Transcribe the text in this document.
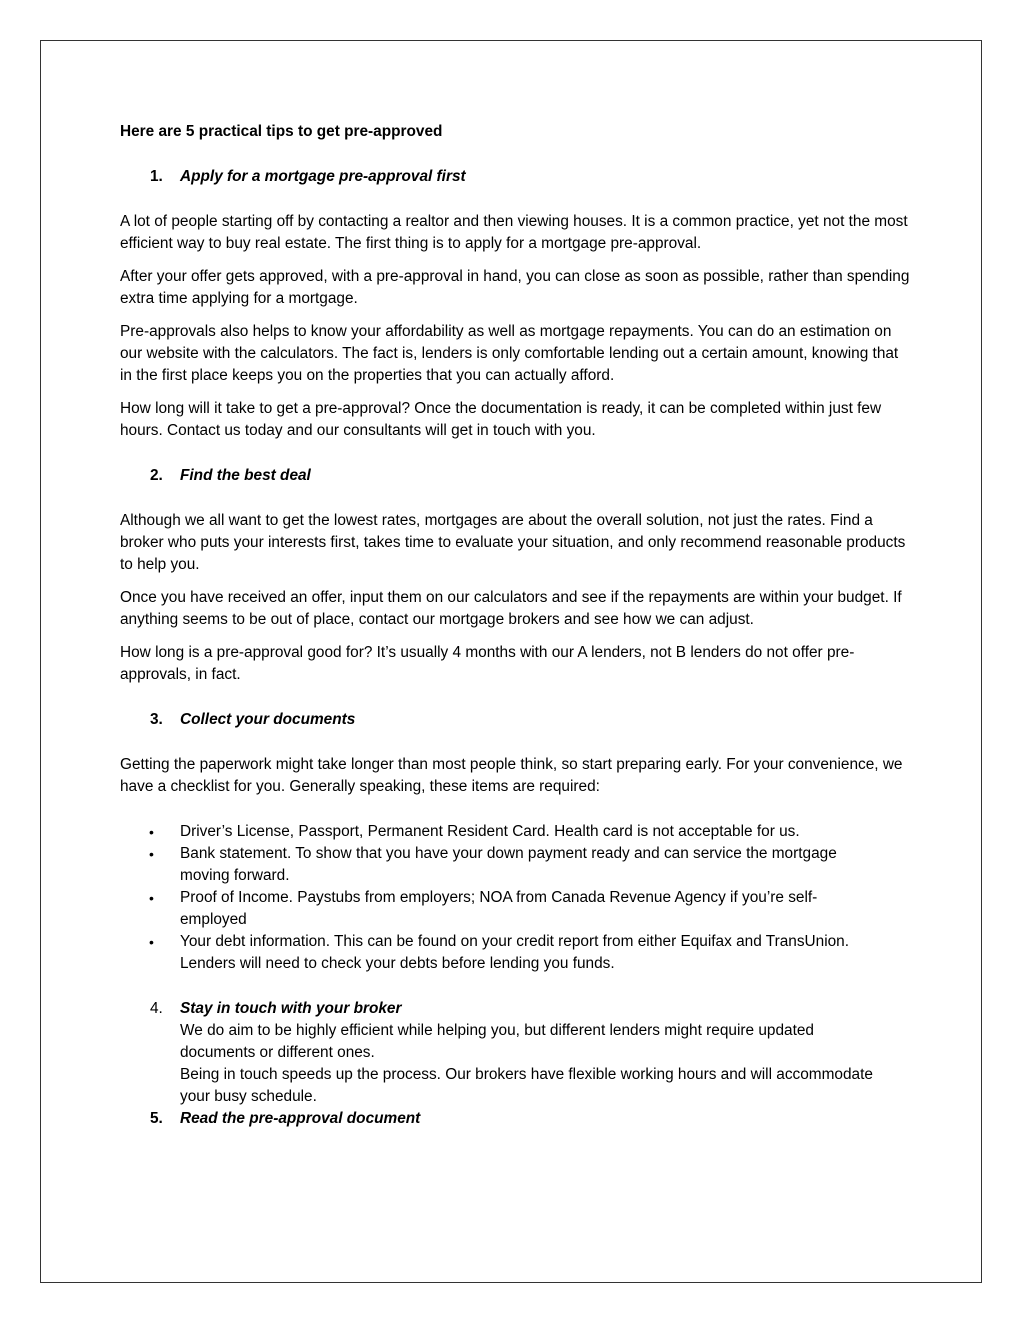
Here are 5 practical tips to get pre-approved
1.	Apply for a mortgage pre-approval first

A lot of people starting off by contacting a realtor and then viewing houses. It is a common practice, yet not the most efficient way to buy real estate. The first thing is to apply for a mortgage pre-approval.

After your offer gets approved, with a pre-approval in hand, you can close as soon as possible, rather than spending extra time applying for a mortgage.

Pre-approvals also helps to know your affordability as well as mortgage repayments. You can do an estimation on our website with the calculators. The fact is, lenders is only comfortable lending out a certain amount, knowing that in the first place keeps you on the properties that you can actually afford.

How long will it take to get a pre-approval? Once the documentation is ready, it can be completed within just few hours. Contact us today and our consultants will get in touch with you.

2.	Find the best deal

Although we all want to get the lowest rates, mortgages are about the overall solution, not just the rates. Find a broker who puts your interests first, takes time to evaluate your situation, and only recommend reasonable products to help you.

Once you have received an offer, input them on our calculators and see if the repayments are within your budget. If anything seems to be out of place, contact our mortgage brokers and see how we can adjust.

How long is a pre-approval good for? It’s usually 4 months with our A lenders, not B lenders do not offer pre-approvals, in fact.

3.	Collect your documents

Getting the paperwork might take longer than most people think, so start preparing early. For your convenience, we have a checklist for you. Generally speaking, these items are required:

•	Driver’s License, Passport, Permanent Resident Card. Health card is not acceptable for us.
•	Bank statement. To show that you have your down payment ready and can service the mortgage moving forward.
•	Proof of Income. Paystubs from employers; NOA from Canada Revenue Agency if you’re self-employed
•	Your debt information. This can be found on your credit report from either Equifax and TransUnion. Lenders will need to check your debts before lending you funds.
4.	Stay in touch with your broker
We do aim to be highly efficient while helping you, but different lenders might require updated documents or different ones.
Being in touch speeds up the process. Our brokers have flexible working hours and will accommodate your busy schedule.
5.	Read the pre-approval document
